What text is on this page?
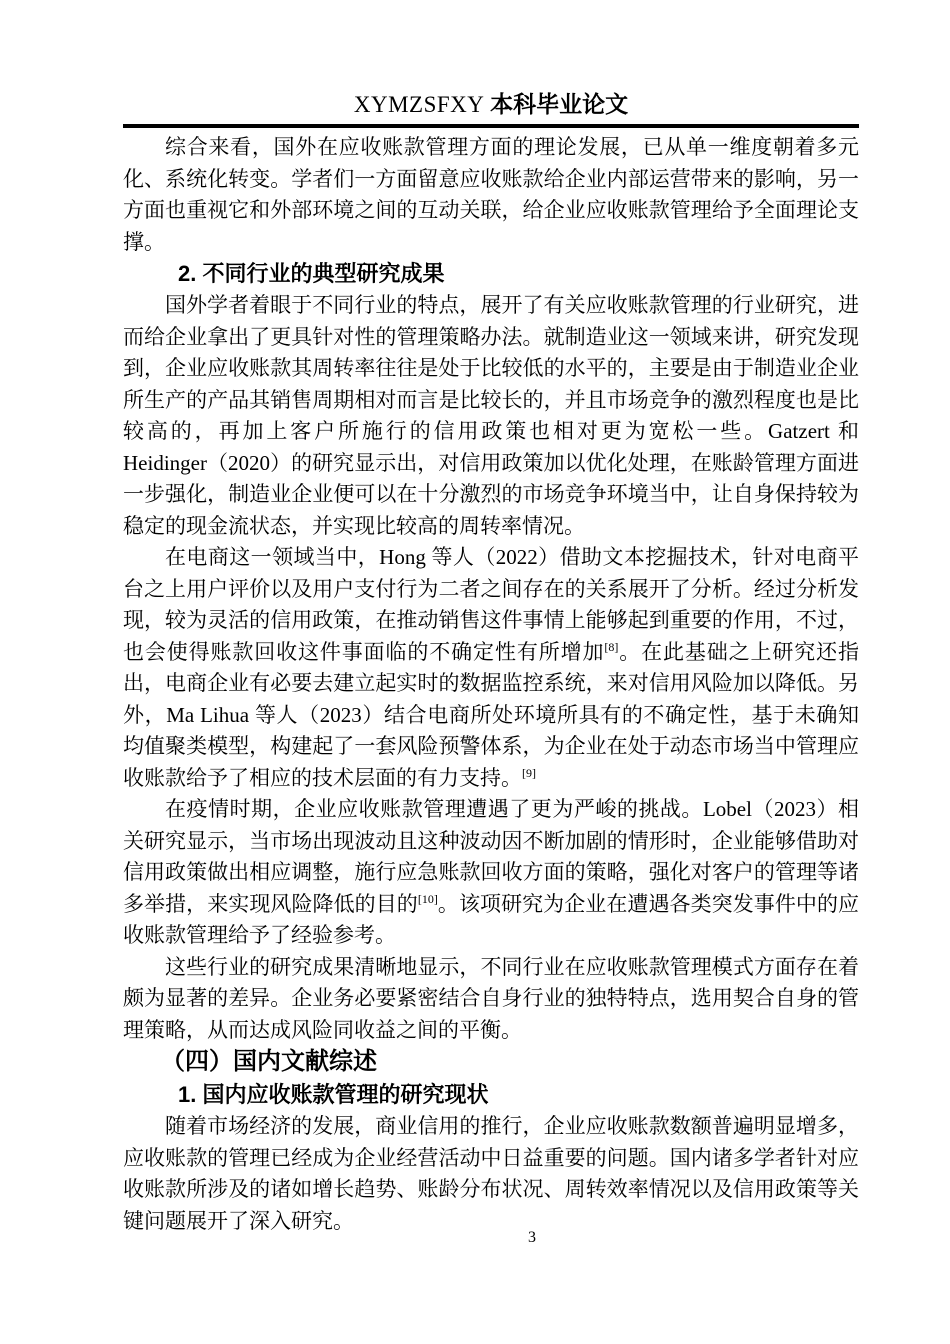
XYMZSFXY 本科毕业论文

综合来看，国外在应收账款管理方面的理论发展，已从单一维度朝着多元化、系统化转变。学者们一方面留意应收账款给企业内部运营带来的影响，另一方面也重视它和外部环境之间的互动关联，给企业应收账款管理给予全面理论支撑。

2. 不同行业的典型研究成果

国外学者着眼于不同行业的特点，展开了有关应收账款管理的行业研究，进而给企业拿出了更具针对性的管理策略办法。就制造业这一领域来讲，研究发现到，企业应收账款其周转率往往是处于比较低的水平的，主要是由于制造业企业所生产的产品其销售周期相对而言是比较长的，并且市场竞争的激烈程度也是比较高的，再加上客户所施行的信用政策也相对更为宽松一些。Gatzert 和 Heidinger（2020）的研究显示出，对信用政策加以优化处理，在账龄管理方面进一步强化，制造业企业便可以在十分激烈的市场竞争环境当中，让自身保持较为稳定的现金流状态，并实现比较高的周转率情况。

在电商这一领域当中，Hong 等人（2022）借助文本挖掘技术，针对电商平台之上用户评价以及用户支付行为二者之间存在的关系展开了分析。经过分析发现，较为灵活的信用政策，在推动销售这件事情上能够起到重要的作用，不过，也会使得账款回收这件事面临的不确定性有所增加[8]。在此基础之上研究还指出，电商企业有必要去建立起实时的数据监控系统，来对信用风险加以降低。另外，Ma Lihua 等人（2023）结合电商所处环境所具有的不确定性，基于未确知均值聚类模型，构建起了一套风险预警体系，为企业在处于动态市场当中管理应收账款给予了相应的技术层面的有力支持。[9]

在疫情时期，企业应收账款管理遭遇了更为严峻的挑战。Lobel（2023）相关研究显示，当市场出现波动且这种波动因不断加剧的情形时，企业能够借助对信用政策做出相应调整，施行应急账款回收方面的策略，强化对客户的管理等诸多举措，来实现风险降低的目的[10]。该项研究为企业在遭遇各类突发事件中的应收账款管理给予了经验参考。

这些行业的研究成果清晰地显示，不同行业在应收账款管理模式方面存在着颇为显著的差异。企业务必要紧密结合自身行业的独特特点，选用契合自身的管理策略，从而达成风险同收益之间的平衡。

（四）国内文献综述
1. 国内应收账款管理的研究现状

随着市场经济的发展，商业信用的推行，企业应收账款数额普遍明显增多，应收账款的管理已经成为企业经营活动中日益重要的问题。国内诸多学者针对应收账款所涉及的诸如增长趋势、账龄分布状况、周转效率情况以及信用政策等关键问题展开了深入研究。

3
